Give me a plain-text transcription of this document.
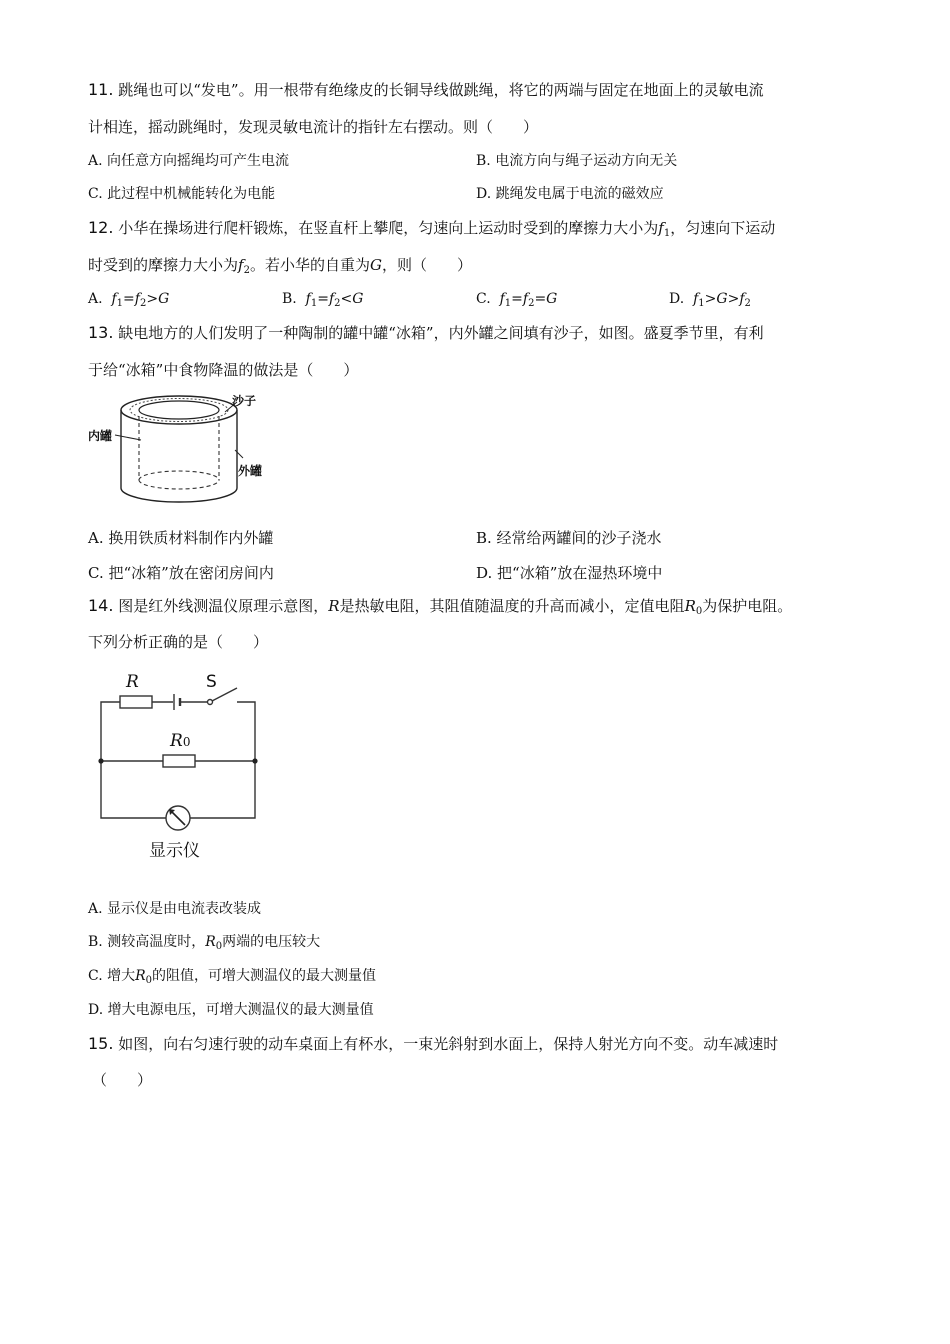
11. 跳绳也可以“发电”。用一根带有绝缘皮的长铜导线做跳绳，将它的两端与固定在地面上的灵敏电流
计相连，摇动跳绳时，发现灵敏电流计的指针左右摆动。则（　　）
A. 向任意方向摇绳均可产生电流	B. 电流方向与绳子运动方向无关
C. 此过程中机械能转化为电能	D. 跳绳发电属于电流的磁效应
12. 小华在操场进行爬杆锻炼，在竖直杆上攀爬，匀速向上运动时受到的摩擦力大小为$f_1$，匀速向下运动
时受到的摩擦力大小为$f_2$。若小华的自重为G，则（　　）
A. $f_1=f_2>G$	B. $f_1=f_2<G$	C. $f_1=f_2=G$	D. $f_1>G>f_2$
13. 缺电地方的人们发明了一种陶制的罐中罐“冰箱”，内外罐之间填有沙子，如图。盛夏季节里，有利
于给“冰箱”中食物降温的做法是（　　）
沙子
内罐
外罐
A. 换用铁质材料制作内外罐	B. 经常给两罐间的沙子浇水
C. 把“冰箱”放在密闭房间内	D. 把“冰箱”放在湿热环境中
14. 图是红外线测温仪原理示意图，R是热敏电阻，其阻值随温度的升高而减小，定值电阻$R_0$为保护电阻。
下列分析正确的是（　　）
R	S
R0
显示仪
A. 显示仪是由电流表改装成
B. 测较高温度时，$R_0$两端的电压较大
C. 增大$R_0$的阻值，可增大测温仪的最大测量值
D. 增大电源电压，可增大测温仪的最大测量值
15. 如图，向右匀速行驶的动车桌面上有杯水，一束光斜射到水面上，保持人射光方向不变。动车减速时
（　　）
